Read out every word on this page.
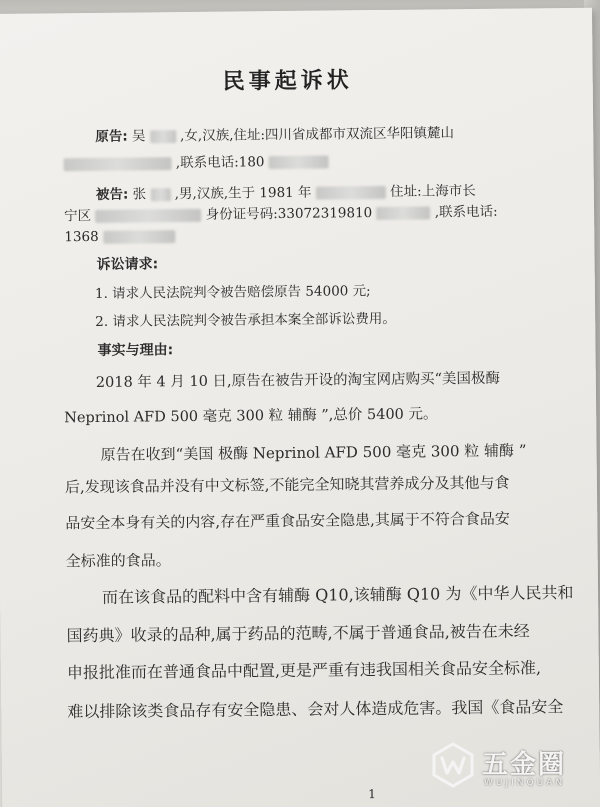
民事起诉状
原告: 吴	,女,汉族,住址:四川省成都市双流区华阳镇麓山
,联系电话:180
被告: 张 ,男,汉族,生于 1981 年	住址:上海市长
宁区	身份证号码:33072319810	,联系电话:
1368
诉讼请求:
1. 请求人民法院判令被告赔偿原告 54000 元;
2. 请求人民法院判令被告承担本案全部诉讼费用。
事实与理由:
2018 年 4 月 10 日,原告在被告开设的淘宝网店购买“美国极酶
Neprinol AFD 500 毫克 300 粒 辅酶 ”,总价 5400 元。
原告在收到“美国 极酶 Neprinol AFD 500 毫克 300 粒 辅酶 ”
后,发现该食品并没有中文标签,不能完全知晓其营养成分及其他与食
品安全本身有关的内容,存在严重食品安全隐患,其属于不符合食品安
全标准的食品。
而在该食品的配料中含有辅酶 Q10,该辅酶 Q10 为《中华人民共和
国药典》收录的品种,属于药品的范畴,不属于普通食品,被告在未经
申报批准而在普通食品中配置,更是严重有违我国相关食品安全标准,
难以排除该类食品存有安全隐患、会对人体造成危害。我国《食品安全
1
五金圈
WUJINQUAN
